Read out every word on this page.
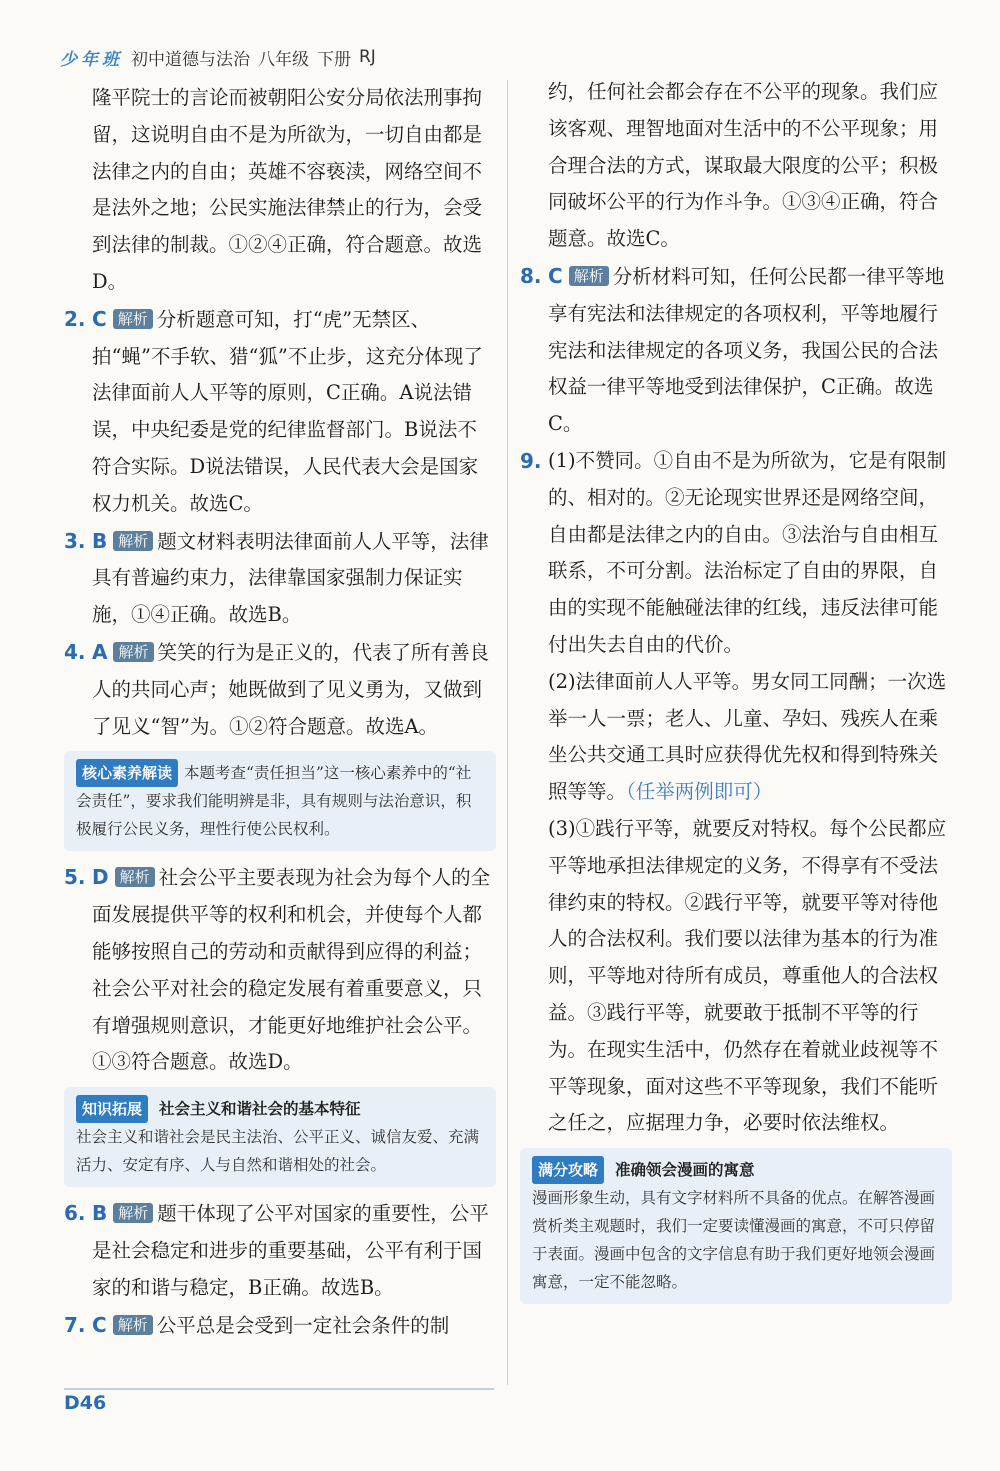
少年班 初中道德与法治 八年级 下册 RJ
隆平院士的言论而被朝阳公安分局依法刑事拘留，这说明自由不是为所欲为，一切自由都是法律之内的自由；英雄不容亵渎，网络空间不是法外之地；公民实施法律禁止的行为，会受到法律的制裁。①②④正确，符合题意。故选D。
2. C 解析 分析题意可知，打“虎”无禁区、拍“蝇”不手软、猎“狐”不止步，这充分体现了法律面前人人平等的原则，C正确。A说法错误，中央纪委是党的纪律监督部门。B说法不符合实际。D说法错误，人民代表大会是国家权力机关。故选C。
3. B 解析 题文材料表明法律面前人人平等，法律具有普遍约束力，法律靠国家强制力保证实施，①④正确。故选B。
4. A 解析 笑笑的行为是正义的，代表了所有善良人的共同心声；她既做到了见义勇为，又做到了见义“智”为。①②符合题意。故选A。
核心素养解读 本题考查“责任担当”这一核心素养中的“社会责任”，要求我们能明辨是非，具有规则与法治意识，积极履行公民义务，理性行使公民权利。
5. D 解析 社会公平主要表现为社会为每个人的全面发展提供平等的权利和机会，并使每个人都能够按照自己的劳动和贡献得到应得的利益；社会公平对社会的稳定发展有着重要意义，只有增强规则意识，才能更好地维护社会公平。①③符合题意。故选D。
知识拓展 社会主义和谐社会的基本特征
社会主义和谐社会是民主法治、公平正义、诚信友爱、充满活力、安定有序、人与自然和谐相处的社会。
6. B 解析 题干体现了公平对国家的重要性，公平是社会稳定和进步的重要基础，公平有利于国家的和谐与稳定，B正确。故选B。
7. C 解析 公平总是会受到一定社会条件的制
约，任何社会都会存在不公平的现象。我们应该客观、理智地面对生活中的不公平现象；用合理合法的方式，谋取最大限度的公平；积极同破坏公平的行为作斗争。①③④正确，符合题意。故选C。
8. C 解析 分析材料可知，任何公民都一律平等地享有宪法和法律规定的各项权利，平等地履行宪法和法律规定的各项义务，我国公民的合法权益一律平等地受到法律保护，C正确。故选C。
9. (1)不赞同。①自由不是为所欲为，它是有限制的、相对的。②无论现实世界还是网络空间，自由都是法律之内的自由。③法治与自由相互联系，不可分割。法治标定了自由的界限，自由的实现不能触碰法律的红线，违反法律可能付出失去自由的代价。
(2)法律面前人人平等。男女同工同酬；一次选举一人一票；老人、儿童、孕妇、残疾人在乘坐公共交通工具时应获得优先权和得到特殊关照等等。（任举两例即可）
(3)①践行平等，就要反对特权。每个公民都应平等地承担法律规定的义务，不得享有不受法律约束的特权。②践行平等，就要平等对待他人的合法权利。我们要以法律为基本的行为准则，平等地对待所有成员，尊重他人的合法权益。③践行平等，就要敢于抵制不平等的行为。在现实生活中，仍然存在着就业歧视等不平等现象，面对这些不平等现象，我们不能听之任之，应据理力争，必要时依法维权。
满分攻略 准确领会漫画的寓意
漫画形象生动，具有文字材料所不具备的优点。在解答漫画赏析类主观题时，我们一定要读懂漫画的寓意，不可只停留于表面。漫画中包含的文字信息有助于我们更好地领会漫画寓意，一定不能忽略。
D46
